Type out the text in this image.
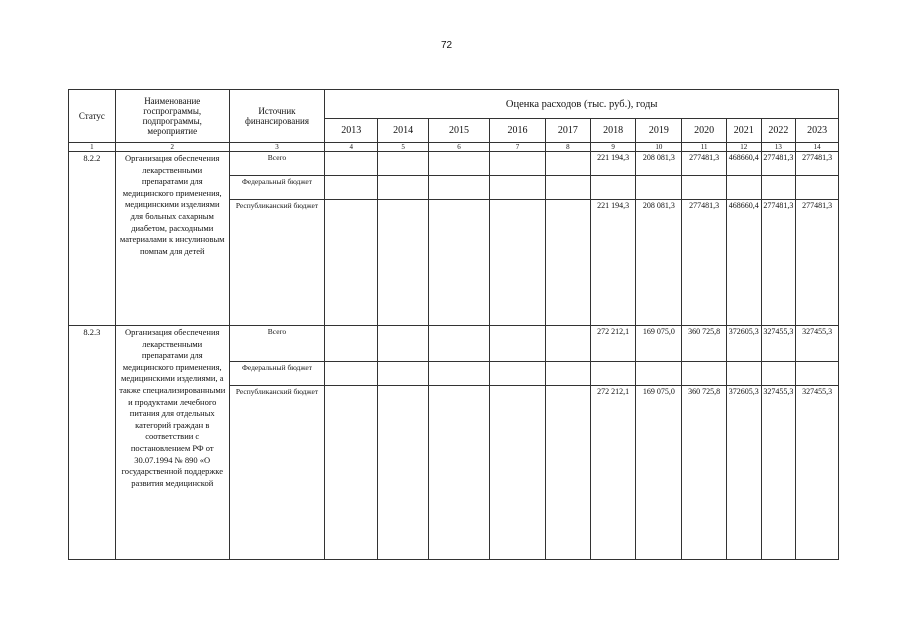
72
Статус	Наименование госпрограммы, подпрограммы, мероприятие	Источник финансирования	Оценка расходов (тыс. руб.), годы										
			2013	2014	2015	2016	2017	2018	2019	2020	2021	2022	2023
1	2	3	4	5	6	7	8	9	10	11	12	13	14
8.2.2	Организация обеспечения лекарственными препаратами для медицинского применения, медицинскими изделиями для больных сахарным диабетом, расходными материалами к инсулиновым помпам для детей	Всего						221 194,3	208 081,3	277481,3	468660,4	277481,3	277481,3
		Федеральный бюджет											
		Республиканский бюджет						221 194,3	208 081,3	277481,3	468660,4	277481,3	277481,3
8.2.3	Организация обеспечения лекарственными препаратами для медицинского применения, медицинскими изделиями, а также специализированными и продуктами лечебного питания для отдельных категорий граждан в соответствии с постановлением РФ от 30.07.1994 № 890 «О государственной поддержке развития медицинской	Всего						272 212,1	169 075,0	360 725,8	372605,3	327455,3	327455,3
		Федеральный бюджет											
		Республиканский бюджет						272 212,1	169 075,0	360 725,8	372605,3	327455,3	327455,3
